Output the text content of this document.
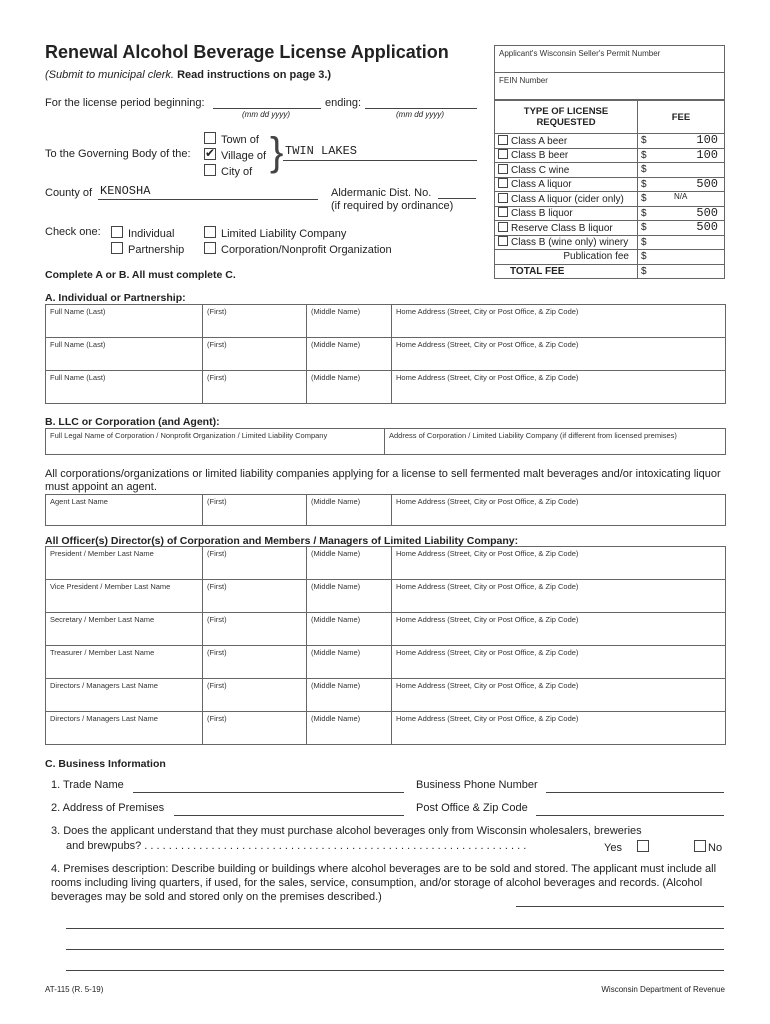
Renewal Alcohol Beverage License Application
(Submit to municipal clerk. Read instructions on page 3.)
For the license period beginning:
(mm dd yyyy)
ending:
(mm dd yyyy)
To the Governing Body of the:
Town of
✔Village of
City of } TWIN LAKES
County of KENOSHA	Aldermanic Dist. No.
(if required by ordinance)
Check one:	Individual
Partnership
Limited Liability Company
Corporation/Nonprofit Organization
Complete A or B. All must complete C.
Applicant's Wisconsin Seller's Permit Number
FEIN Number
TYPE OF LICENSE REQUESTED	FEE
Class A beer	$ 100

Class B beer	$ 100

Class C wine	$

Class A liquor	$ 500

Class A liquor (cider only)	$ N/A

Class B liquor	$ 500

Reserve Class B liquor	$ 500

Class B (wine only) winery	$

Publication fee	$

TOTAL FEE	$
A. Individual or Partnership:
Full Name (Last)	(First)	(Middle Name)	Home Address (Street, City or Post Office, & Zip Code)
Full Name (Last)	(First)	(Middle Name)	Home Address (Street, City or Post Office, & Zip Code)
Full Name (Last)	(First)	(Middle Name)	Home Address (Street, City or Post Office, & Zip Code)
B. LLC or Corporation (and Agent):
Full Legal Name of Corporation / Nonprofit Organization / Limited Liability Company	Address of Corporation / Limited Liability Company (if different from licensed premises)
All corporations/organizations or limited liability companies applying for a license to sell fermented malt beverages and/or intoxicating liquor must appoint an agent.
Agent Last Name	(First)	(Middle Name)	Home Address (Street, City or Post Office, & Zip Code)
All Officer(s) Director(s) of Corporation and Members / Managers of Limited Liability Company:
President / Member Last Name	(First)	(Middle Name)	Home Address (Street, City or Post Office, & Zip Code)
Vice President / Member Last Name	(First)	(Middle Name)	Home Address (Street, City or Post Office, & Zip Code)
Secretary / Member Last Name	(First)	(Middle Name)	Home Address (Street, City or Post Office, & Zip Code)
Treasurer / Member Last Name	(First)	(Middle Name)	Home Address (Street, City or Post Office, & Zip Code)
Directors / Managers Last Name	(First)	(Middle Name)	Home Address (Street, City or Post Office, & Zip Code)
Directors / Managers Last Name	(First)	(Middle Name)	Home Address (Street, City or Post Office, & Zip Code)
C. Business Information
1. Trade Name	Business Phone Number
2. Address of Premises	Post Office & Zip Code
3. Does the applicant understand that they must purchase alcohol beverages only from Wisconsin wholesalers, breweries
and brewpubs? . . . . . . . . . . . . . . . . . . . . . . . . . . . . . . . . . . . . . . . . . . . . . . . . . . . . . . . . . . . . . . .	Yes	No
4. Premises description: Describe building or buildings where alcohol beverages are to be sold and stored. The applicant must include all rooms including living quarters, if used, for the sales, service, consumption, and/or storage of alcohol beverages and records. (Alcohol beverages may be sold and stored only on the premises described.)
AT-115 (R. 5-19)	Wisconsin Department of Revenue
